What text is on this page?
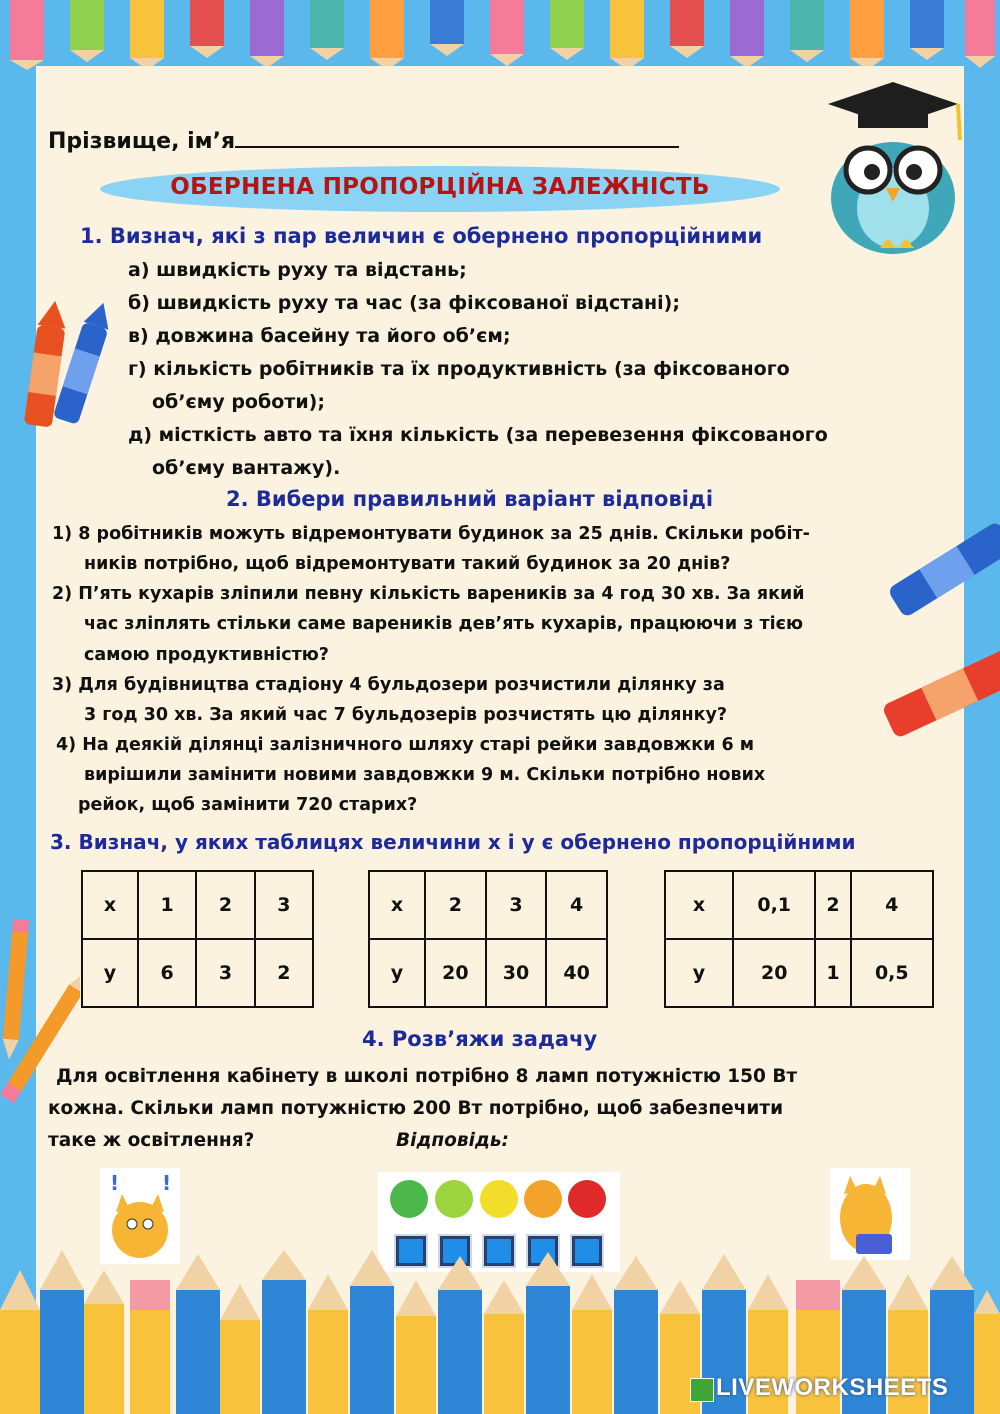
Прізвище, ім’я
ОБЕРНЕНА ПРОПОРЦІЙНА ЗАЛЕЖНІСТЬ
1. Визнач, які з пар величин є обернено пропорційними
а) швидкість руху та відстань;
б) швидкість руху та час (за фіксованої відстані);
в) довжина басейну та його об’єм;
г) кількість робітників та їх продуктивність (за фіксованого
об’єму роботи);
д) місткість авто та їхня кількість (за перевезення фіксованого
об’єму вантажу).
2. Вибери правильний варіант відповіді
1) 8 робітників можуть відремонтувати будинок за 25 днів. Скільки робіт-
ників потрібно, щоб відремонтувати такий будинок за 20 днів?
2) П’ять кухарів зліпили певну кількість вареників за 4 год 30 хв. За який
час зліплять стільки саме вареників дев’ять кухарів, працюючи з тією
самою продуктивністю?
3) Для будівництва стадіону 4 бульдозери розчистили ділянку за
3 год 30 хв. За який час 7 бульдозерів розчистять цю ділянку?
4) На деякій ділянці залізничного шляху старі рейки завдовжки 6 м
вирішили замінити новими завдовжки 9 м. Скільки потрібно нових
рейок, щоб замінити 720 старих?
3. Визнач, у яких таблицях величини х і у є обернено пропорційними
х	1	2	3
у	6	3	2
х	2	3	4
у	20	30	40
х	0,1	2	4
у	20	1	0,5
4. Розв’яжи задачу
Для освітлення кабінету в школі потрібно 8 ламп потужністю 150 Вт
кожна. Скільки ламп потужністю 200 Вт потрібно, щоб забезпечити
таке ж освітлення?	Відповідь:
! !
LIVEWORKSHEETS
